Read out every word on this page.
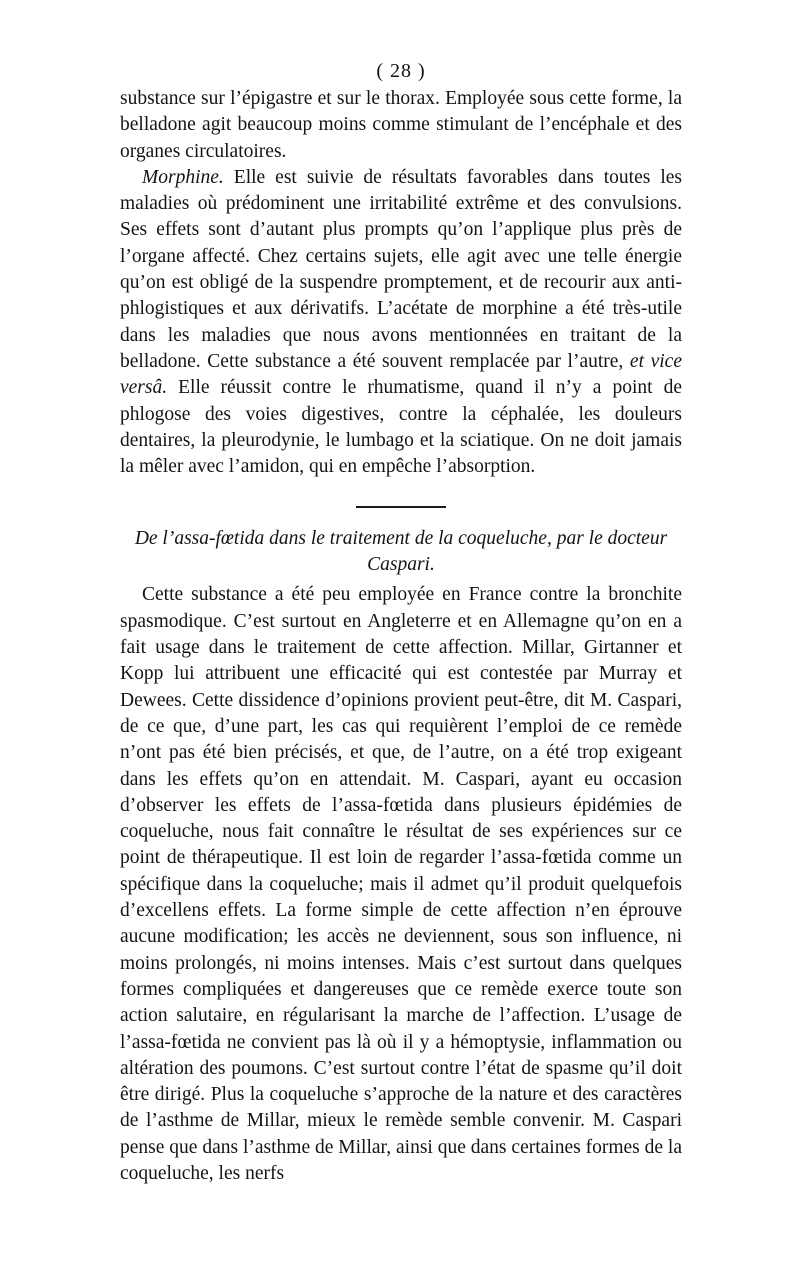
( 28 )

substance sur l’épigastre et sur le thorax. Employée sous cette forme, la belladone agit beaucoup moins comme stimulant de l’encéphale et des organes circulatoires.

Morphine. Elle est suivie de résultats favorables dans toutes les maladies où prédominent une irritabilité extrême et des convulsions. Ses effets sont d’autant plus prompts qu’on l’applique plus près de l’organe affecté. Chez certains sujets, elle agit avec une telle énergie qu’on est obligé de la suspendre promptement, et de recourir aux anti-phlogistiques et aux dérivatifs. L’acétate de morphine a été très-utile dans les maladies que nous avons mentionnées en traitant de la belladone. Cette substance a été souvent remplacée par l’autre, et vice versâ. Elle réussit contre le rhumatisme, quand il n’y a point de phlogose des voies digestives, contre la céphalée, les douleurs dentaires, la pleurodynie, le lumbago et la sciatique. On ne doit jamais la mêler avec l’amidon, qui en empêche l’absorption.

De l’assa-fœtida dans le traitement de la coqueluche, par le docteur Caspari.

Cette substance a été peu employée en France contre la bronchite spasmodique. C’est surtout en Angleterre et en Allemagne qu’on en a fait usage dans le traitement de cette affection. Millar, Girtanner et Kopp lui attribuent une efficacité qui est contestée par Murray et Dewees. Cette dissidence d’opinions provient peut-être, dit M. Caspari, de ce que, d’une part, les cas qui requièrent l’emploi de ce remède n’ont pas été bien précisés, et que, de l’autre, on a été trop exigeant dans les effets qu’on en attendait. M. Caspari, ayant eu occasion d’observer les effets de l’assa-fœtida dans plusieurs épidémies de coqueluche, nous fait connaître le résultat de ses expériences sur ce point de thérapeutique. Il est loin de regarder l’assa-fœtida comme un spécifique dans la coqueluche; mais il admet qu’il produit quelquefois d’excellens effets. La forme simple de cette affection n’en éprouve aucune modification; les accès ne deviennent, sous son influence, ni moins prolongés, ni moins intenses. Mais c’est surtout dans quelques formes compliquées et dangereuses que ce remède exerce toute son action salutaire, en régularisant la marche de l’affection. L’usage de l’assa-fœtida ne convient pas là où il y a hémoptysie, inflammation ou altération des poumons. C’est surtout contre l’état de spasme qu’il doit être dirigé. Plus la coqueluche s’approche de la nature et des caractères de l’asthme de Millar, mieux le remède semble convenir. M. Caspari pense que dans l’asthme de Millar, ainsi que dans certaines formes de la coqueluche, les nerfs
